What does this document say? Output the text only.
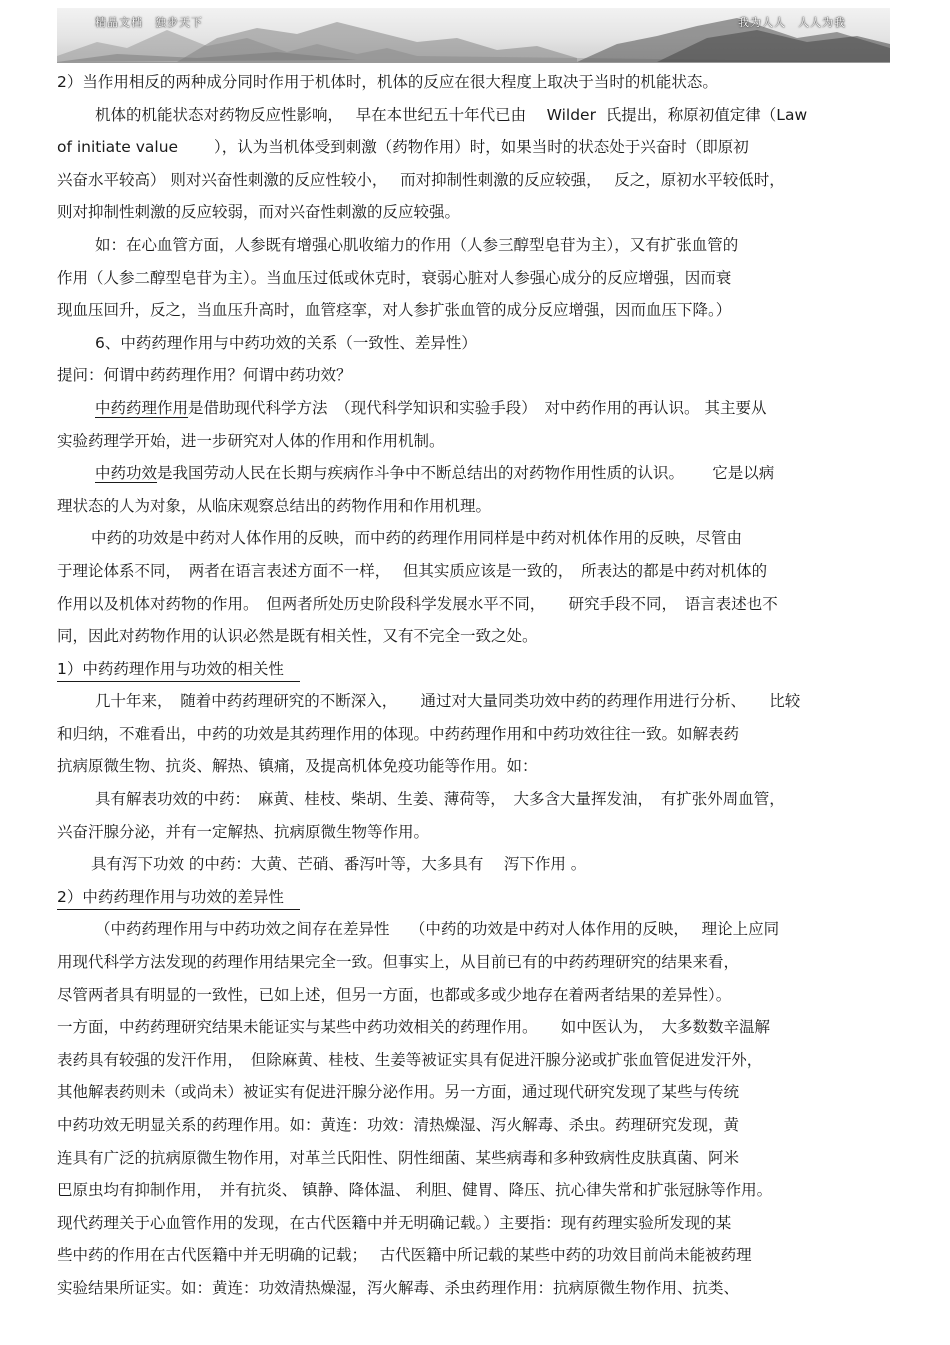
精品文档　独步天下	我为人人　人人为我
2）当作用相反的两种成分同时作用于机体时，机体的反应在很大程度上取决于当时的机能状态。
机体的机能状态对药物反应性影响，　 早在本世纪五十年代已由　 Wilder  氏提出，称原初值定律（Law
of initiate value　　 ），认为当机体受到刺激（药物作用）时，如果当时的状态处于兴奋时（即原初
兴奋水平较高） 则对兴奋性刺激的反应性较小，　 而对抑制性刺激的反应较强，　 反之，原初水平较低时，
则对抑制性刺激的反应较弱，而对兴奋性刺激的反应较强。
如：在心血管方面，人参既有增强心肌收缩力的作用（人参三醇型皂苷为主），又有扩张血管的
作用（人参二醇型皂苷为主）。当血压过低或休克时，衰弱心脏对人参强心成分的反应增强，因而衰
现血压回升，反之，当血压升高时，血管痉挛，对人参扩张血管的成分反应增强，因而血压下降。）
6、中药药理作用与中药功效的关系（一致性、差异性）
提问：何谓中药药理作用？何谓中药功效？
中药药理作用是借助现代科学方法　（现代科学知识和实验手段）　对中药作用的再认识。 其主要从
实验药理学开始，进一步研究对人体的作用和作用机制。
中药功效是我国劳动人民在长期与疾病作斗争中不断总结出的对药物作用性质的认识。　　 它是以病
理状态的人为对象，从临床观察总结出的药物作用和作用机理。
中药的功效是中药对人体作用的反映，而中药的药理作用同样是中药对机体作用的反映，尽管由
于理论体系不同，　两者在语言表述方面不一样，　 但其实质应该是一致的，　所表达的都是中药对机体的
作用以及机体对药物的作用。　但两者所处历史阶段科学发展水平不同，　　研究手段不同，　语言表述也不
同，因此对药物作用的认识必然是既有相关性，又有不完全一致之处。
1）中药药理作用与功效的相关性
几十年来，　随着中药药理研究的不断深入，　　通过对大量同类功效中药的药理作用进行分析、　　比较
和归纳，不难看出，中药的功效是其药理作用的体现。中药药理作用和中药功效往往一致。如解表药
抗病原微生物、抗炎、解热、镇痛，及提高机体免疫功能等作用。如：
具有解表功效的中药：　麻黄、桂枝、柴胡、生姜、薄荷等，　大多含大量挥发油，　有扩张外周血管，
兴奋汗腺分泌，并有一定解热、抗病原微生物等作用。
具有泻下功效 的中药：大黄、芒硝、番泻叶等，大多具有　 泻下作用 。
2）中药药理作用与功效的差异性
（中药药理作用与中药功效之间存在差异性　 （中药的功效是中药对人体作用的反映，　 理论上应同
用现代科学方法发现的药理作用结果完全一致。但事实上，从目前已有的中药药理研究的结果来看，
尽管两者具有明显的一致性，已如上述，但另一方面，也都或多或少地存在着两者结果的差异性）。
一方面，中药药理研究结果未能证实与某些中药功效相关的药理作用。　　如中医认为，　大多数数辛温解
表药具有较强的发汗作用，　但除麻黄、桂枝、生姜等被证实具有促进汗腺分泌或扩张血管促进发汗外，
其他解表药则未（或尚未）被证实有促进汗腺分泌作用。另一方面，通过现代研究发现了某些与传统
中药功效无明显关系的药理作用。如：黄连：功效：清热燥湿、泻火解毒、杀虫。药理研究发现，黄
连具有广泛的抗病原微生物作用，对革兰氏阳性、阴性细菌、某些病毒和多种致病性皮肤真菌、阿米
巴原虫均有抑制作用，　并有抗炎、 镇静、降体温、 利胆、健胃、降压、抗心律失常和扩张冠脉等作用。
现代药理关于心血管作用的发现，在古代医籍中并无明确记载。）主要指：现有药理实验所发现的某
些中药的作用在古代医籍中并无明确的记载；　 古代医籍中所记载的某些中药的功效目前尚未能被药理
实验结果所证实。如：黄连：功效清热燥湿，泻火解毒、杀虫药理作用：抗病原微生物作用、抗类、
